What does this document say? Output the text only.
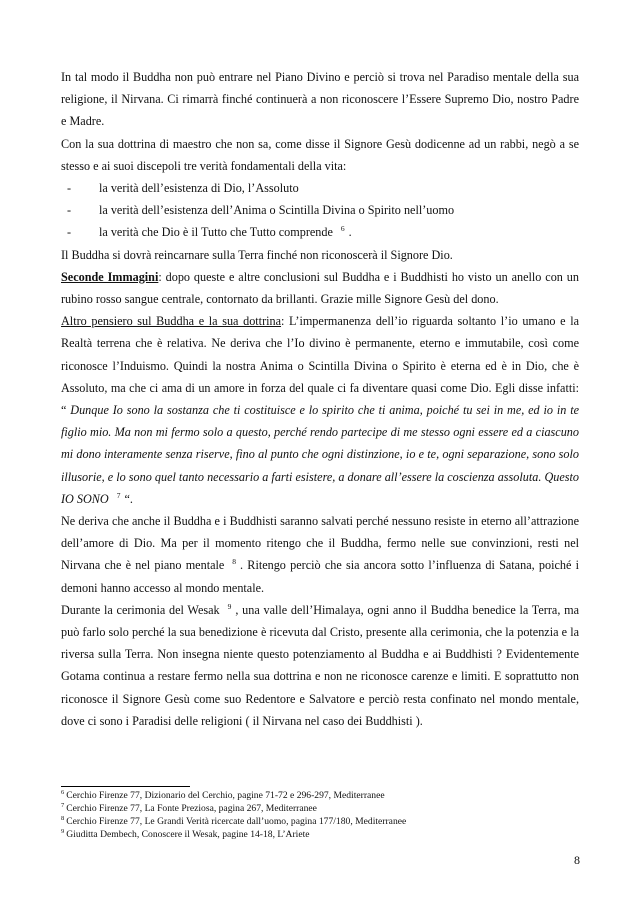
In tal modo il Buddha non può entrare nel Piano Divino e perciò si trova nel Paradiso mentale della sua religione, il Nirvana. Ci rimarrà finché continuerà a non riconoscere l’Essere Supremo Dio, nostro Padre e Madre.

Con la sua dottrina di maestro che non sa, come disse il Signore Gesù dodicenne ad un rabbi, negò a se stesso e ai suoi discepoli tre verità fondamentali della vita:

- la verità dell’esistenza di Dio, l’Assoluto
- la verità dell’esistenza dell’Anima o Scintilla Divina o Spirito nell’uomo
- la verità che Dio è il Tutto che Tutto comprende $^6$ .

Il Buddha si dovrà reincarnare sulla Terra finché non riconoscerà il Signore Dio.

Seconde Immagini: dopo queste e altre conclusioni sul Buddha e i Buddhisti ho visto un anello con un rubino rosso sangue centrale, contornato da brillanti. Grazie mille Signore Gesù del dono.

Altro pensiero sul Buddha e la sua dottrina: L’impermanenza dell’io riguarda soltanto l’io umano e la Realtà terrena che è relativa. Ne deriva che l’Io divino è permanente, eterno e immutabile, così come riconosce l’Induismo. Quindi la nostra Anima o Scintilla Divina o Spirito è eterna ed è in Dio, che è Assoluto, ma che ci ama di un amore in forza del quale ci fa diventare quasi come Dio. Egli disse infatti: “ Dunque Io sono la sostanza che ti costituisce e lo spirito che ti anima, poiché tu sei in me, ed io in te figlio mio. Ma non mi fermo solo a questo, perché rendo partecipe di me stesso ogni essere ed a ciascuno mi dono interamente senza riserve, fino al punto che ogni distinzione, io e te, ogni separazione, sono solo illusorie, e lo sono quel tanto necessario a farti esistere, a donare all’essere la coscienza assoluta. Questo IO SONO $^7$ “.

Ne deriva che anche il Buddha e i Buddhisti saranno salvati perché nessuno resiste in eterno all’attrazione dell’amore di Dio. Ma per il momento ritengo che il Buddha, fermo nelle sue convinzioni, resti nel Nirvana che è nel piano mentale $^8$ . Ritengo perciò che sia ancora sotto l’influenza di Satana, poiché i demoni hanno accesso al mondo mentale.

Durante la cerimonia del Wesak $^9$ , una valle dell’Himalaya, ogni anno il Buddha benedice la Terra, ma può farlo solo perché la sua benedizione è ricevuta dal Cristo, presente alla cerimonia, che la potenzia e la riversa sulla Terra. Non insegna niente questo potenziamento al Buddha e ai Buddhisti ? Evidentemente Gotama continua a restare fermo nella sua dottrina e non ne riconosce carenze e limiti. E soprattutto non riconosce il Signore Gesù come suo Redentore e Salvatore e perciò resta confinato nel mondo mentale, dove ci sono i Paradisi delle religioni ( il Nirvana nel caso dei Buddhisti ).

$^6$ Cerchio Firenze 77, Dizionario del Cerchio, pagine 71-72 e 296-297, Mediterranee
$^7$ Cerchio Firenze 77, La Fonte Preziosa, pagina 267, Mediterranee
$^8$ Cerchio Firenze 77, Le Grandi Verità ricercate dall’uomo, pagina 177/180, Mediterranee
$^9$ Giuditta Dembech, Conoscere il Wesak, pagine 14-18, L’Ariete
8
